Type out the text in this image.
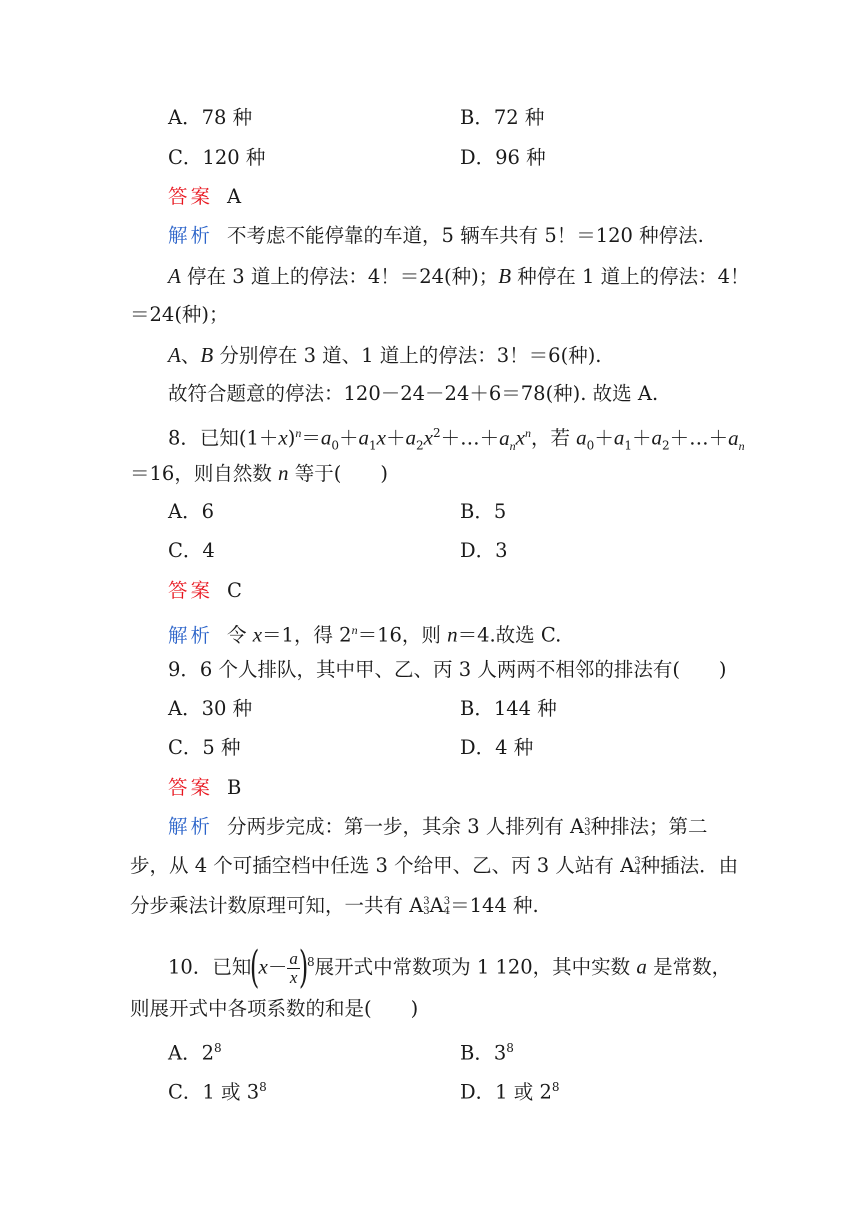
A．78 种	B．72 种
C．120 种	D．96 种
答案 A
解析 不考虑不能停靠的车道，5 辆车共有 5！＝120 种停法.
A 停在 3 道上的停法：4！＝24(种)；B 种停在 1 道上的停法：4！
＝24(种)；
A、B 分别停在 3 道、1 道上的停法：3！＝6(种).
故符合题意的停法：120－24－24＋6＝78(种). 故选 A.
8．已知$(1+x)^n=a_0+a_1x+a_2x^2+\dots+a_nx^n$，若 $a_0+a_1+a_2+\dots+a_n$
＝16，则自然数 n 等于(　　)
A．6	B．5
C．4	D．3
答案 C
解析 令 x＝1，得 $2^n=16$，则 n＝4.故选 C.
9．6 个人排队，其中甲、乙、丙 3 人两两不相邻的排法有(　　)
A．30 种	B．144 种
C．5 种	D．4 种
答案 B
解析 分两步完成：第一步，其余 3 人排列有 A3
3种排法；第二
步，从 4 个可插空档中任选 3 个给甲、乙、丙 3 人站有 A3
4种插法．由
分步乘法计数原理可知，一共有 A3
3A3
4＝144 种.
10．已知($x- \frac{a}{x}$
)$^8$展开式中常数项为 1 120，其中实数 a 是常数，
则展开式中各项系数的和是(　　)
A．$2^8$	B．$3^8$
C．1 或 $3^8$	D．1 或 $2^8$
